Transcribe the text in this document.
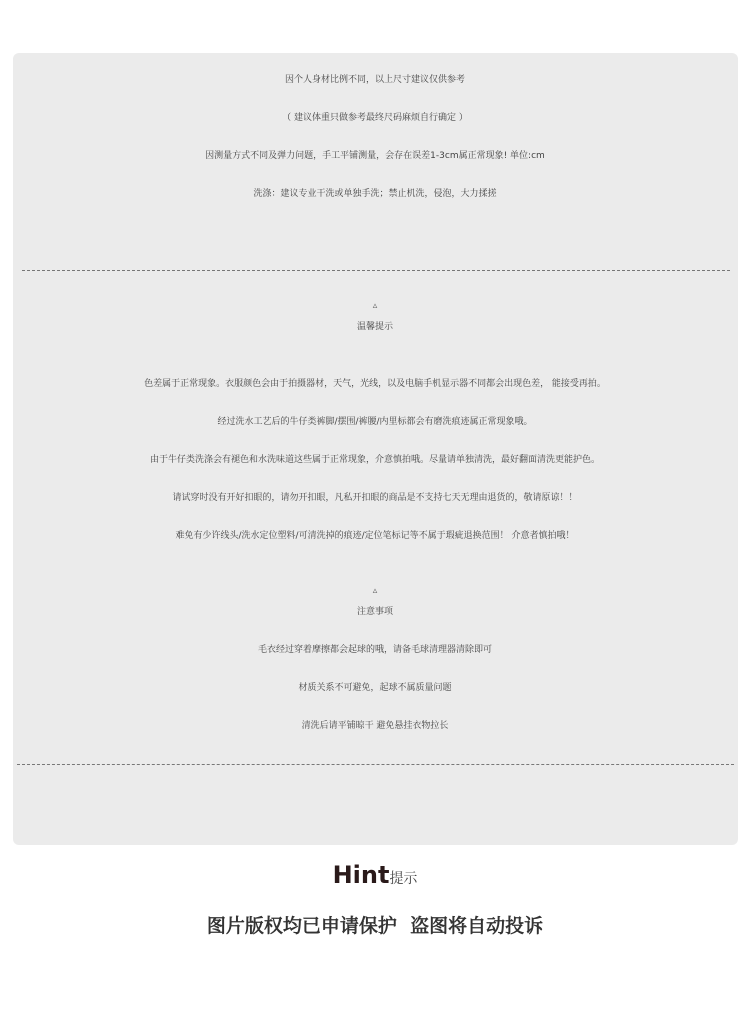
因个人身材比例不同，以上尺寸建议仅供参考
（ 建议体重只做参考最终尺码麻烦自行确定 ）
因测量方式不同及弹力问题，手工平铺测量，会存在误差1-3cm属正常现象! 单位:cm
洗涤：建议专业干洗或单独手洗；禁止机洗，侵泡，大力揉搓
▵
温馨提示
色差属于正常现象。衣服颜色会由于拍摄器材，天气，光线，以及电脑手机显示器不同都会出现色差， 能接受再拍。
经过洗水工艺后的牛仔类裤脚/摆围/裤腰/内里标都会有磨洗痕迹属正常现象哦。
由于牛仔类洗涤会有褪色和水洗味道这些属于正常现象，介意慎拍哦。尽量请单独清洗，最好翻面清洗更能护色。
请试穿时没有开好扣眼的，请勿开扣眼，凡私开扣眼的商品是不支持七天无理由退货的，敬请原谅！！
难免有少许线头/洗水定位塑料/可清洗掉的痕迹/定位笔标记等不属于瑕疵退换范围！ 介意者慎拍哦！
▵
注意事项
毛衣经过穿着摩擦都会起球的哦，请备毛球清理器清除即可
材质关系不可避免，起球不属质量问题
清洗后请平铺晾干 避免悬挂衣物拉长
Hint提示
图片版权均已申请保护  盗图将自动投诉
